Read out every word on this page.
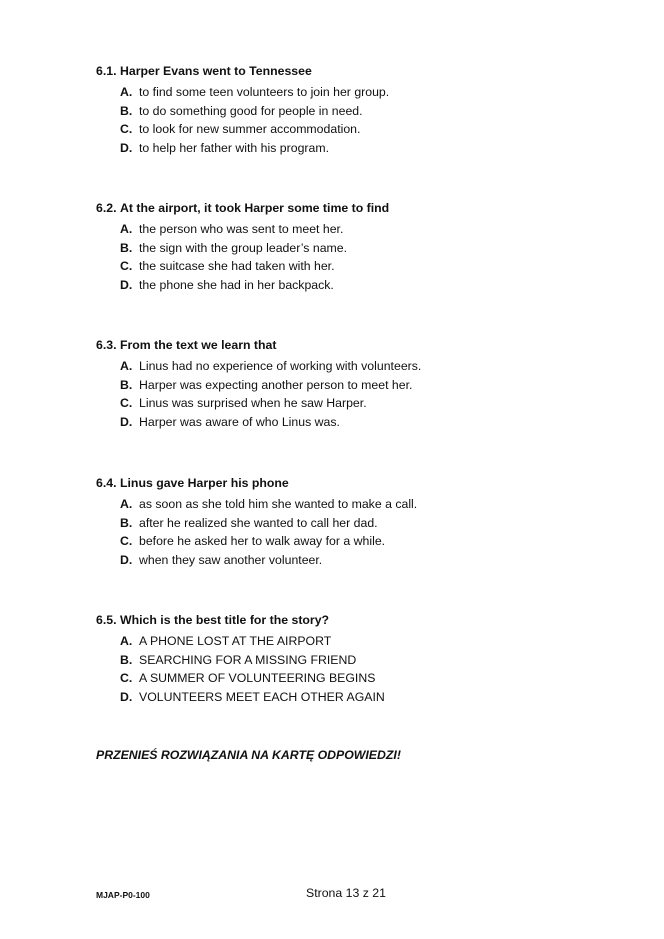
6.1. Harper Evans went to Tennessee
A. to find some teen volunteers to join her group.
B. to do something good for people in need.
C. to look for new summer accommodation.
D. to help her father with his program.
6.2. At the airport, it took Harper some time to find
A. the person who was sent to meet her.
B. the sign with the group leader’s name.
C. the suitcase she had taken with her.
D. the phone she had in her backpack.
6.3. From the text we learn that
A. Linus had no experience of working with volunteers.
B. Harper was expecting another person to meet her.
C. Linus was surprised when he saw Harper.
D. Harper was aware of who Linus was.
6.4. Linus gave Harper his phone
A. as soon as she told him she wanted to make a call.
B. after he realized she wanted to call her dad.
C. before he asked her to walk away for a while.
D. when they saw another volunteer.
6.5. Which is the best title for the story?
A. A PHONE LOST AT THE AIRPORT
B. SEARCHING FOR A MISSING FRIEND
C. A SUMMER OF VOLUNTEERING BEGINS
D. VOLUNTEERS MEET EACH OTHER AGAIN
PRZENIEŚ ROZWIĄZANIA NA KARTĘ ODPOWIEDZI!
MJAP-P0-100	Strona 13 z 21
